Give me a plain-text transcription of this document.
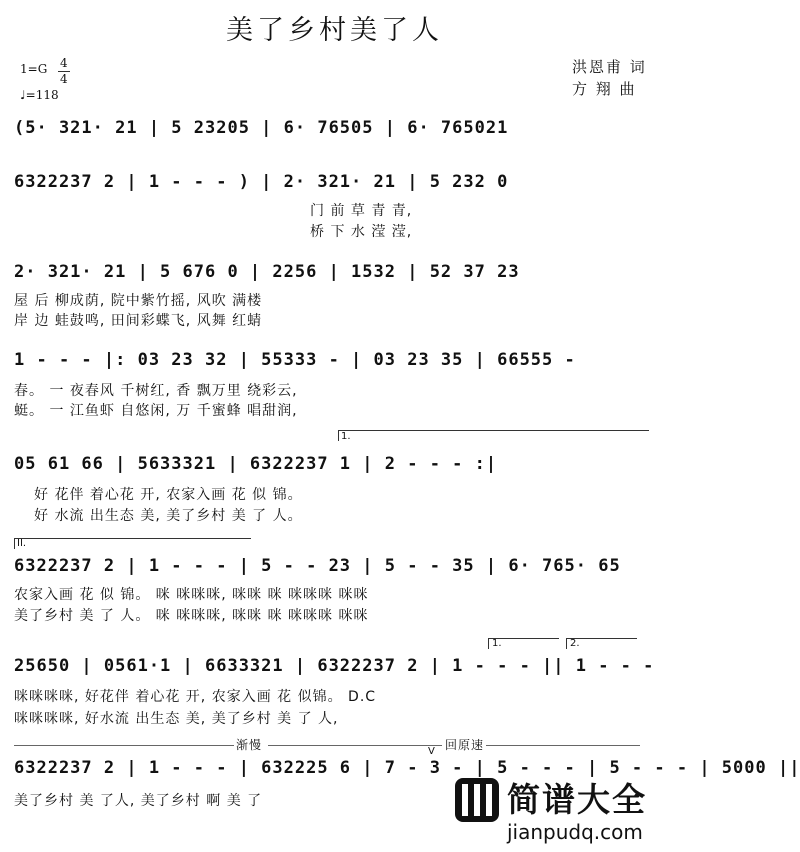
美了乡村美了人
1=G 4
4
♩=118
洪恩甫 词
方 翔 曲
(5· 321· 21 | 5 23205 | 6· 76505 | 6· 765021
6322237 2 | 1 - - - ) | 2· 321· 21 | 5 232 0
门 前 草 青 青,
桥 下 水 滢 滢,
2· 321· 21 | 5 676 0 | 2256 | 1532 | 52 37 23
屋 后 柳成荫, 院中紫竹摇, 风吹 满楼
岸 边 蛙鼓鸣, 田间彩蝶飞, 风舞 红蜻
1 - - - |: 03 23 32 | 55333 - | 03 23 35 | 66555 -
春。 一 夜春风 千树红, 香 飘万里 绕彩云,
蜓。 一 江鱼虾 自悠闲, 万 千蜜蜂 唱甜润,
1.
05 61 66 | 5633321 | 6322237 1 | 2 - - - :|
好 花伴 着心花 开, 农家入画 花 似 锦。
好 水流 出生态 美, 美了乡村 美 了 人。
II.
6322237 2 | 1 - - - | 5 - - 23 | 5 - - 35 | 6· 765· 65
农家入画 花 似 锦。 咪 咪咪咪, 咪咪 咪 咪咪咪 咪咪
美了乡村 美 了 人。 咪 咪咪咪, 咪咪 咪 咪咪咪 咪咪
1.	2.
25650 | 0561·1 | 6633321 | 6322237 2 | 1 - - - || 1 - - -
咪咪咪咪, 好花伴 着心花 开, 农家入画 花 似锦。 D.C
咪咪咪咪, 好水流 出生态 美, 美了乡村 美 了 人,
渐慢	回原速
V
6322237 2 | 1 - - - | 632225 6 | 7 - 3 - | 5 - - - | 5 - - - | 5000 ||
美了乡村 美 了人, 美了乡村 啊 美 了	简谱大全
jianpudq.com
